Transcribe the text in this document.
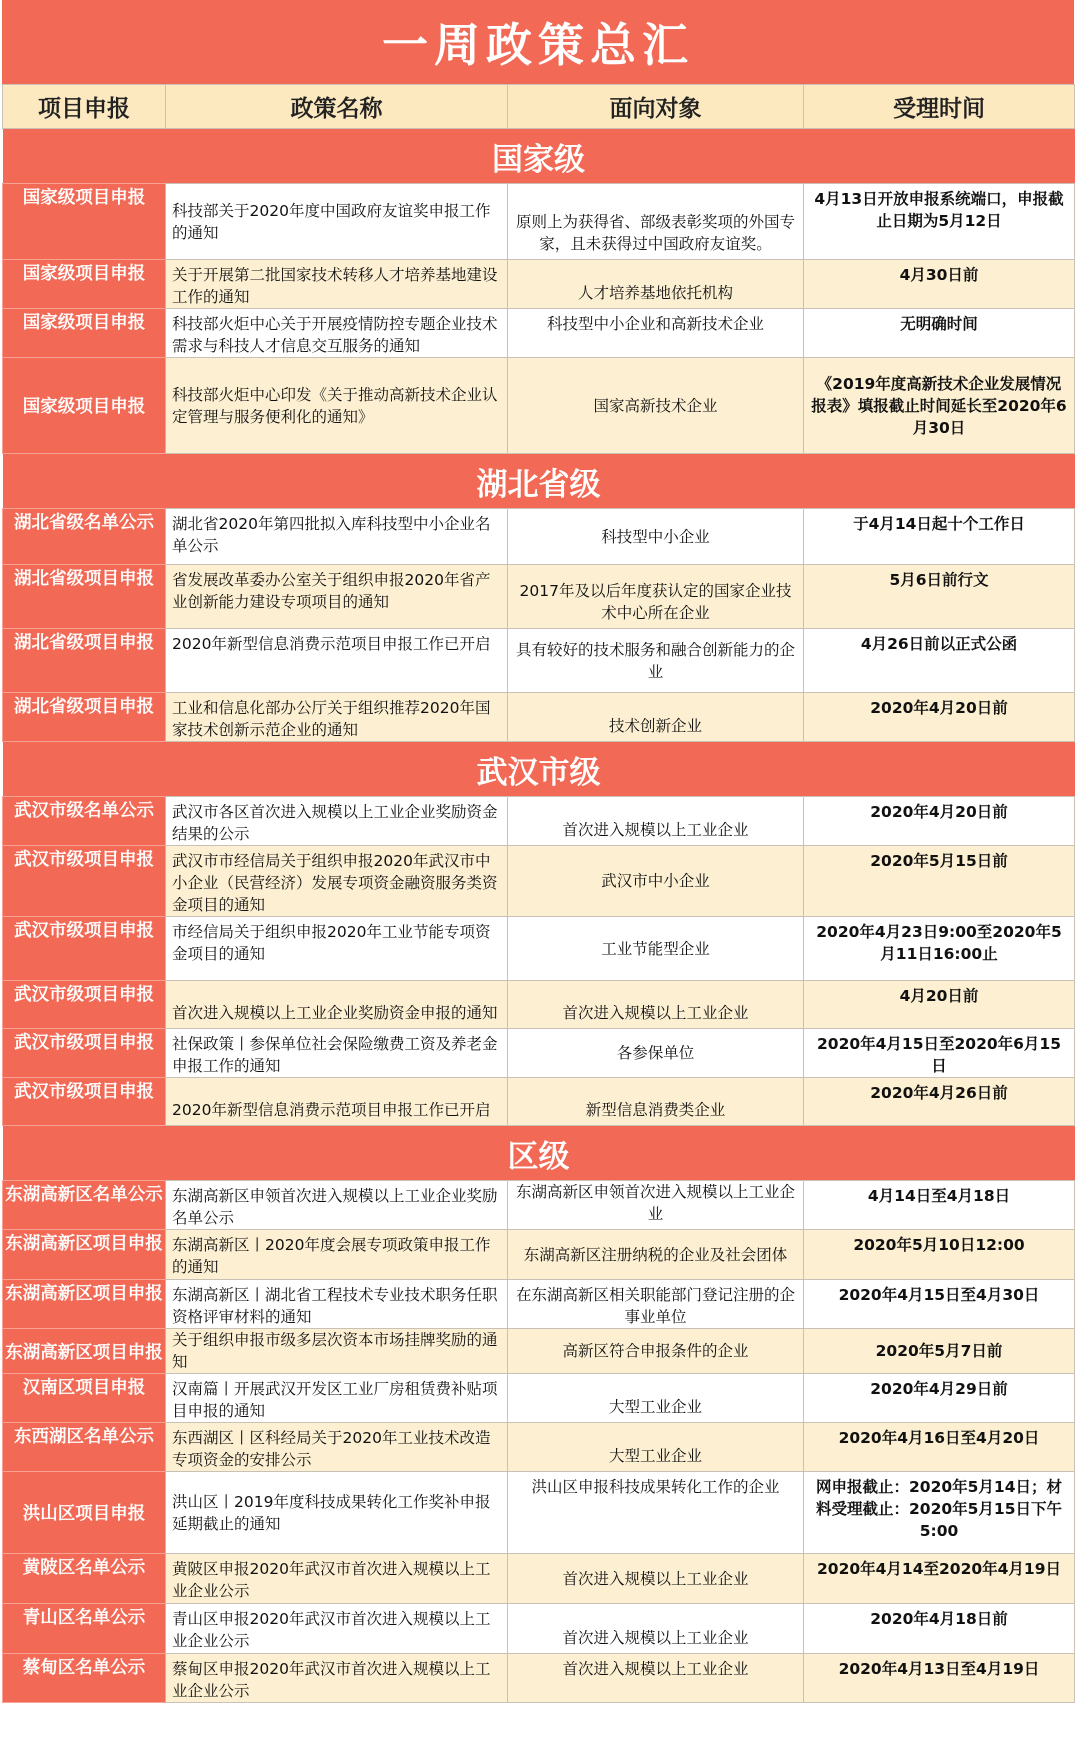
一周政策总汇
项目申报	政策名称	面向对象	受理时间
国家级			
国家级项目申报	科技部关于2020年度中国政府友谊奖申报工作的通知	原则上为获得省、部级表彰奖项的外国专家，且未获得过中国政府友谊奖。	4月13日开放申报系统端口，申报截止日期为5月12日
国家级项目申报	关于开展第二批国家技术转移人才培养基地建设工作的通知	人才培养基地依托机构	4月30日前
国家级项目申报	科技部火炬中心关于开展疫情防控专题企业技术需求与科技人才信息交互服务的通知	科技型中小企业和高新技术企业	无明确时间
国家级项目申报	科技部火炬中心印发《关于推动高新技术企业认定管理与服务便利化的通知》	国家高新技术企业	《2019年度高新技术企业发展情况报表》填报截止时间延长至2020年6月30日
湖北省级			
湖北省级名单公示	湖北省2020年第四批拟入库科技型中小企业名单公示	科技型中小企业	于4月14日起十个工作日
湖北省级项目申报	省发展改革委办公室关于组织申报2020年省产业创新能力建设专项项目的通知	2017年及以后年度获认定的国家企业技术中心所在企业	5月6日前行文
湖北省级项目申报	2020年新型信息消费示范项目申报工作已开启	具有较好的技术服务和融合创新能力的企业	4月26日前以正式公函
湖北省级项目申报	工业和信息化部办公厅关于组织推荐2020年国家技术创新示范企业的通知	技术创新企业	2020年4月20日前
武汉市级			
武汉市级名单公示	武汉市各区首次进入规模以上工业企业奖励资金结果的公示	首次进入规模以上工业企业	2020年4月20日前
武汉市级项目申报	武汉市市经信局关于组织申报2020年武汉市中小企业（民营经济）发展专项资金融资服务类资金项目的通知	武汉市中小企业	2020年5月15日前
武汉市级项目申报	市经信局关于组织申报2020年工业节能专项资金项目的通知	工业节能型企业	2020年4月23日9:00至2020年5月11日16:00止
武汉市级项目申报	首次进入规模以上工业企业奖励资金申报的通知	首次进入规模以上工业企业	4月20日前
武汉市级项目申报	社保政策丨参保单位社会保险缴费工资及养老金申报工作的通知	各参保单位	2020年4月15日至2020年6月15日
武汉市级项目申报	2020年新型信息消费示范项目申报工作已开启	新型信息消费类企业	2020年4月26日前
区级			
东湖高新区名单公示	东湖高新区申领首次进入规模以上工业企业奖励名单公示	东湖高新区申领首次进入规模以上工业企业	4月14日至4月18日
东湖高新区项目申报	东湖高新区丨2020年度会展专项政策申报工作的通知	东湖高新区注册纳税的企业及社会团体	2020年5月10日12:00
东湖高新区项目申报	东湖高新区丨湖北省工程技术专业技术职务任职资格评审材料的通知	在东湖高新区相关职能部门登记注册的企事业单位	2020年4月15日至4月30日
东湖高新区项目申报	关于组织申报市级多层次资本市场挂牌奖励的通知	高新区符合申报条件的企业	2020年5月7日前
汉南区项目申报	汉南篇丨开展武汉开发区工业厂房租赁费补贴项目申报的通知	大型工业企业	2020年4月29日前
东西湖区名单公示	东西湖区丨区科经局关于2020年工业技术改造专项资金的安排公示	大型工业企业	2020年4月16日至4月20日
洪山区项目申报	洪山区丨2019年度科技成果转化工作奖补申报延期截止的通知	洪山区申报科技成果转化工作的企业	网申报截止：2020年5月14日；材料受理截止：2020年5月15日下午5:00
黄陂区名单公示	黄陂区申报2020年武汉市首次进入规模以上工业企业公示	首次进入规模以上工业企业	2020年4月14至2020年4月19日
青山区名单公示	青山区申报2020年武汉市首次进入规模以上工业企业公示	首次进入规模以上工业企业	2020年4月18日前
蔡甸区名单公示	蔡甸区申报2020年武汉市首次进入规模以上工业企业公示	首次进入规模以上工业企业	2020年4月13日至4月19日
